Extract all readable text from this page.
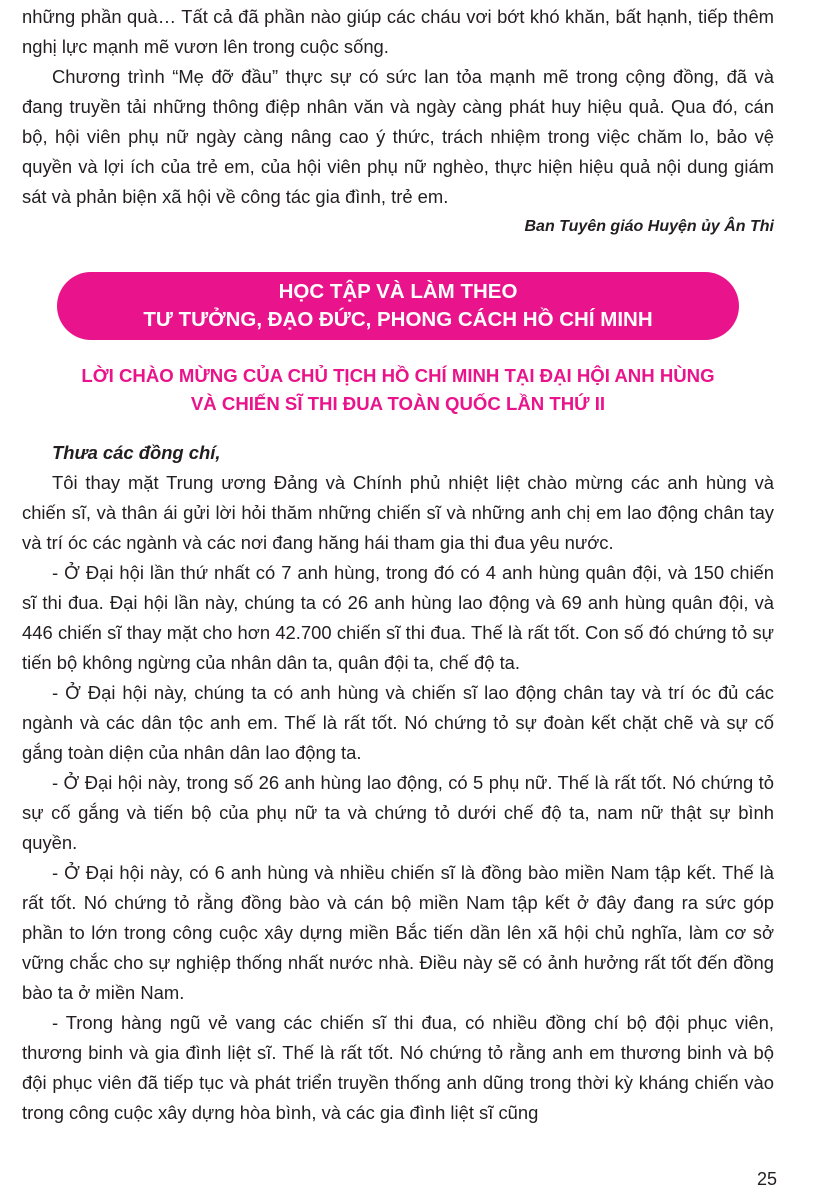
những phần quà… Tất cả đã phần nào giúp các cháu vơi bớt khó khăn, bất hạnh, tiếp thêm nghị lực mạnh mẽ vươn lên trong cuộc sống.

Chương trình “Mẹ đỡ đầu” thực sự có sức lan tỏa mạnh mẽ trong cộng đồng, đã và đang truyền tải những thông điệp nhân văn và ngày càng phát huy hiệu quả. Qua đó, cán bộ, hội viên phụ nữ ngày càng nâng cao ý thức, trách nhiệm trong việc chăm lo, bảo vệ quyền và lợi ích của trẻ em, của hội viên phụ nữ nghèo, thực hiện hiệu quả nội dung giám sát và phản biện xã hội về công tác gia đình, trẻ em.

Ban Tuyên giáo Huyện ủy Ân Thi
HỌC TẬP VÀ LÀM THEO
TƯ TƯỞNG, ĐẠO ĐỨC, PHONG CÁCH HỒ CHÍ MINH
LỜI CHÀO MỪNG CỦA CHỦ TỊCH HỒ CHÍ MINH TẠI ĐẠI HỘI ANH HÙNG
VÀ CHIẾN SĨ THI ĐUA TOÀN QUỐC LẦN THỨ II
Thưa các đồng chí,

Tôi thay mặt Trung ương Đảng và Chính phủ nhiệt liệt chào mừng các anh hùng và chiến sĩ, và thân ái gửi lời hỏi thăm những chiến sĩ và những anh chị em lao động chân tay và trí óc các ngành và các nơi đang hăng hái tham gia thi đua yêu nước.

- Ở Đại hội lần thứ nhất có 7 anh hùng, trong đó có 4 anh hùng quân đội, và 150 chiến sĩ thi đua. Đại hội lần này, chúng ta có 26 anh hùng lao động và 69 anh hùng quân đội, và 446 chiến sĩ thay mặt cho hơn 42.700 chiến sĩ thi đua. Thế là rất tốt. Con số đó chứng tỏ sự tiến bộ không ngừng của nhân dân ta, quân đội ta, chế độ ta.

- Ở Đại hội này, chúng ta có anh hùng và chiến sĩ lao động chân tay và trí óc đủ các ngành và các dân tộc anh em. Thế là rất tốt. Nó chứng tỏ sự đoàn kết chặt chẽ và sự cố gắng toàn diện của nhân dân lao động ta.

- Ở Đại hội này, trong số 26 anh hùng lao động, có 5 phụ nữ. Thế là rất tốt. Nó chứng tỏ sự cố gắng và tiến bộ của phụ nữ ta và chứng tỏ dưới chế độ ta, nam nữ thật sự bình quyền.

- Ở Đại hội này, có 6 anh hùng và nhiều chiến sĩ là đồng bào miền Nam tập kết. Thế là rất tốt. Nó chứng tỏ rằng đồng bào và cán bộ miền Nam tập kết ở đây đang ra sức góp phần to lớn trong công cuộc xây dựng miền Bắc tiến dần lên xã hội chủ nghĩa, làm cơ sở vững chắc cho sự nghiệp thống nhất nước nhà. Điều này sẽ có ảnh hưởng rất tốt đến đồng bào ta ở miền Nam.

- Trong hàng ngũ vẻ vang các chiến sĩ thi đua, có nhiều đồng chí bộ đội phục viên, thương binh và gia đình liệt sĩ. Thế là rất tốt. Nó chứng tỏ rằng anh em thương binh và bộ đội phục viên đã tiếp tục và phát triển truyền thống anh dũng trong thời kỳ kháng chiến vào trong công cuộc xây dựng hòa bình, và các gia đình liệt sĩ cũng

25
